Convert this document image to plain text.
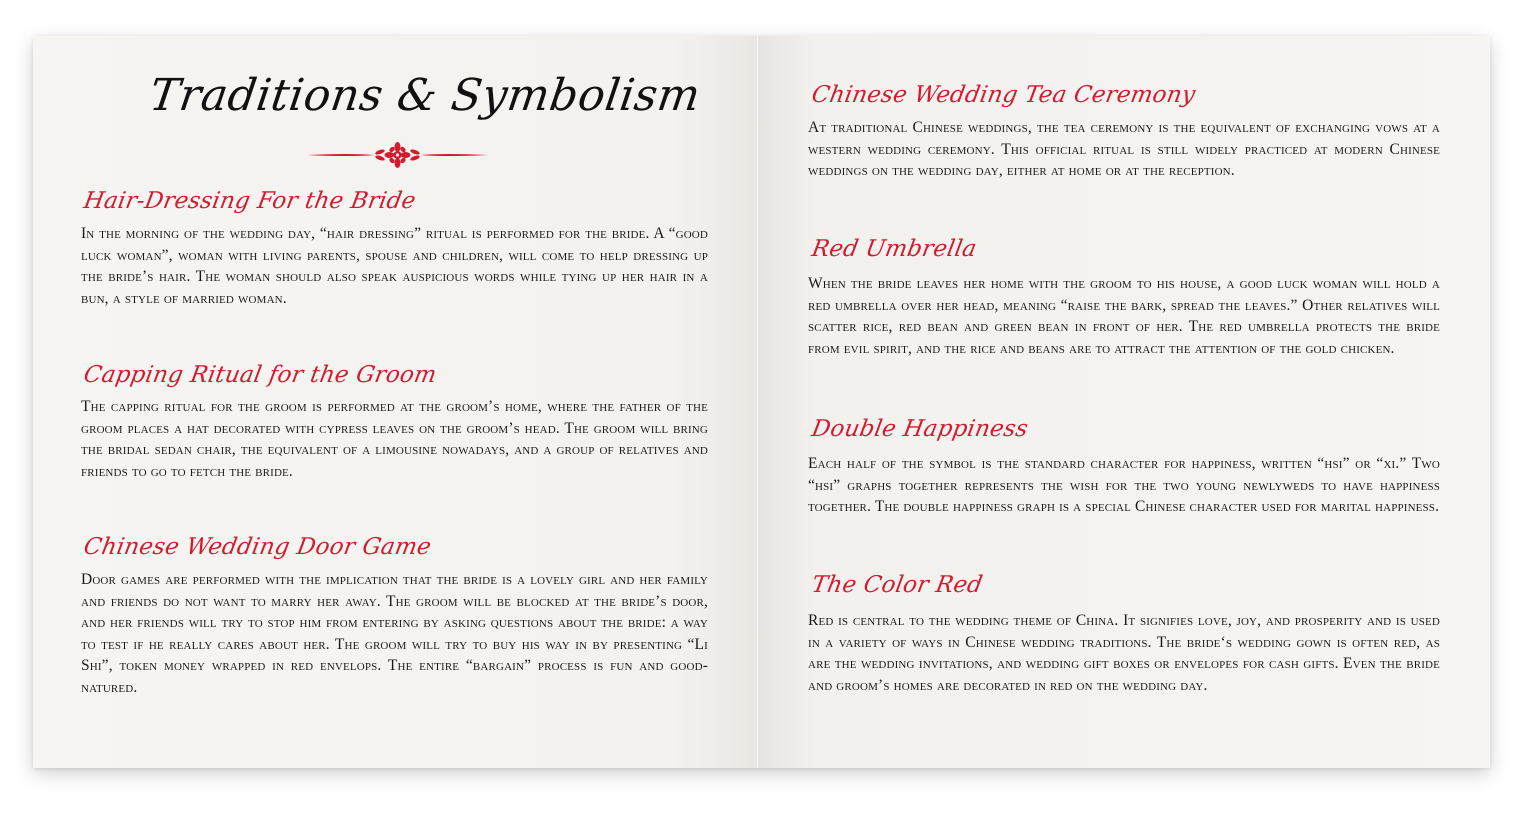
Traditions & Symbolism
Hair-Dressing For the Bride
In the morning of the wedding day, “hair dressing” ritual is performed for the bride. A “good luck woman”, woman with living parents, spouse and children, will come to help dressing up the bride’s hair. The woman should also speak auspicious words while tying up her hair in a bun, a style of married woman.
Capping Ritual for the Groom
The capping ritual for the groom is performed at the groom’s home, where the father of the groom places a hat decorated with cypress leaves on the groom’s head. The groom will bring the bridal sedan chair, the equivalent of a limousine nowadays, and a group of relatives and friends to go to fetch the bride.
Chinese Wedding Door Game
Door games are performed with the implication that the bride is a lovely girl and her family and friends do not want to marry her away. The groom will be blocked at the bride’s door, and her friends will try to stop him from entering by asking questions about the bride: a way to test if he really cares about her. The groom will try to buy his way in by presenting “Li Shi”, token money wrapped in red envelops. The entire “bargain” process is fun and good-natured.
Chinese Wedding Tea Ceremony
At traditional Chinese weddings, the tea ceremony is the equivalent of exchanging vows at a western wedding ceremony. This official ritual is still widely practiced at modern Chinese weddings on the wedding day, either at home or at the reception.
Red Umbrella
When the bride leaves her home with the groom to his house, a good luck woman will hold a red umbrella over her head, meaning “raise the bark, spread the leaves.” Other relatives will scatter rice, red bean and green bean in front of her. The red umbrella protects the bride from evil spirit, and the rice and beans are to attract the attention of the gold chicken.
Double Happiness
Each half of the symbol is the standard character for happiness, written “hsi” or “xi.” Two “hsi” graphs together represents the wish for the two young newlyweds to have happiness together. The double happiness graph is a special Chinese character used for marital happiness.
The Color Red
Red is central to the wedding theme of China. It signifies love, joy, and prosperity and is used in a variety of ways in Chinese wedding traditions. The bride‘s wedding gown is often red, as are the wedding invitations, and wedding gift boxes or envelopes for cash gifts. Even the bride and groom’s homes are decorated in red on the wedding day.
